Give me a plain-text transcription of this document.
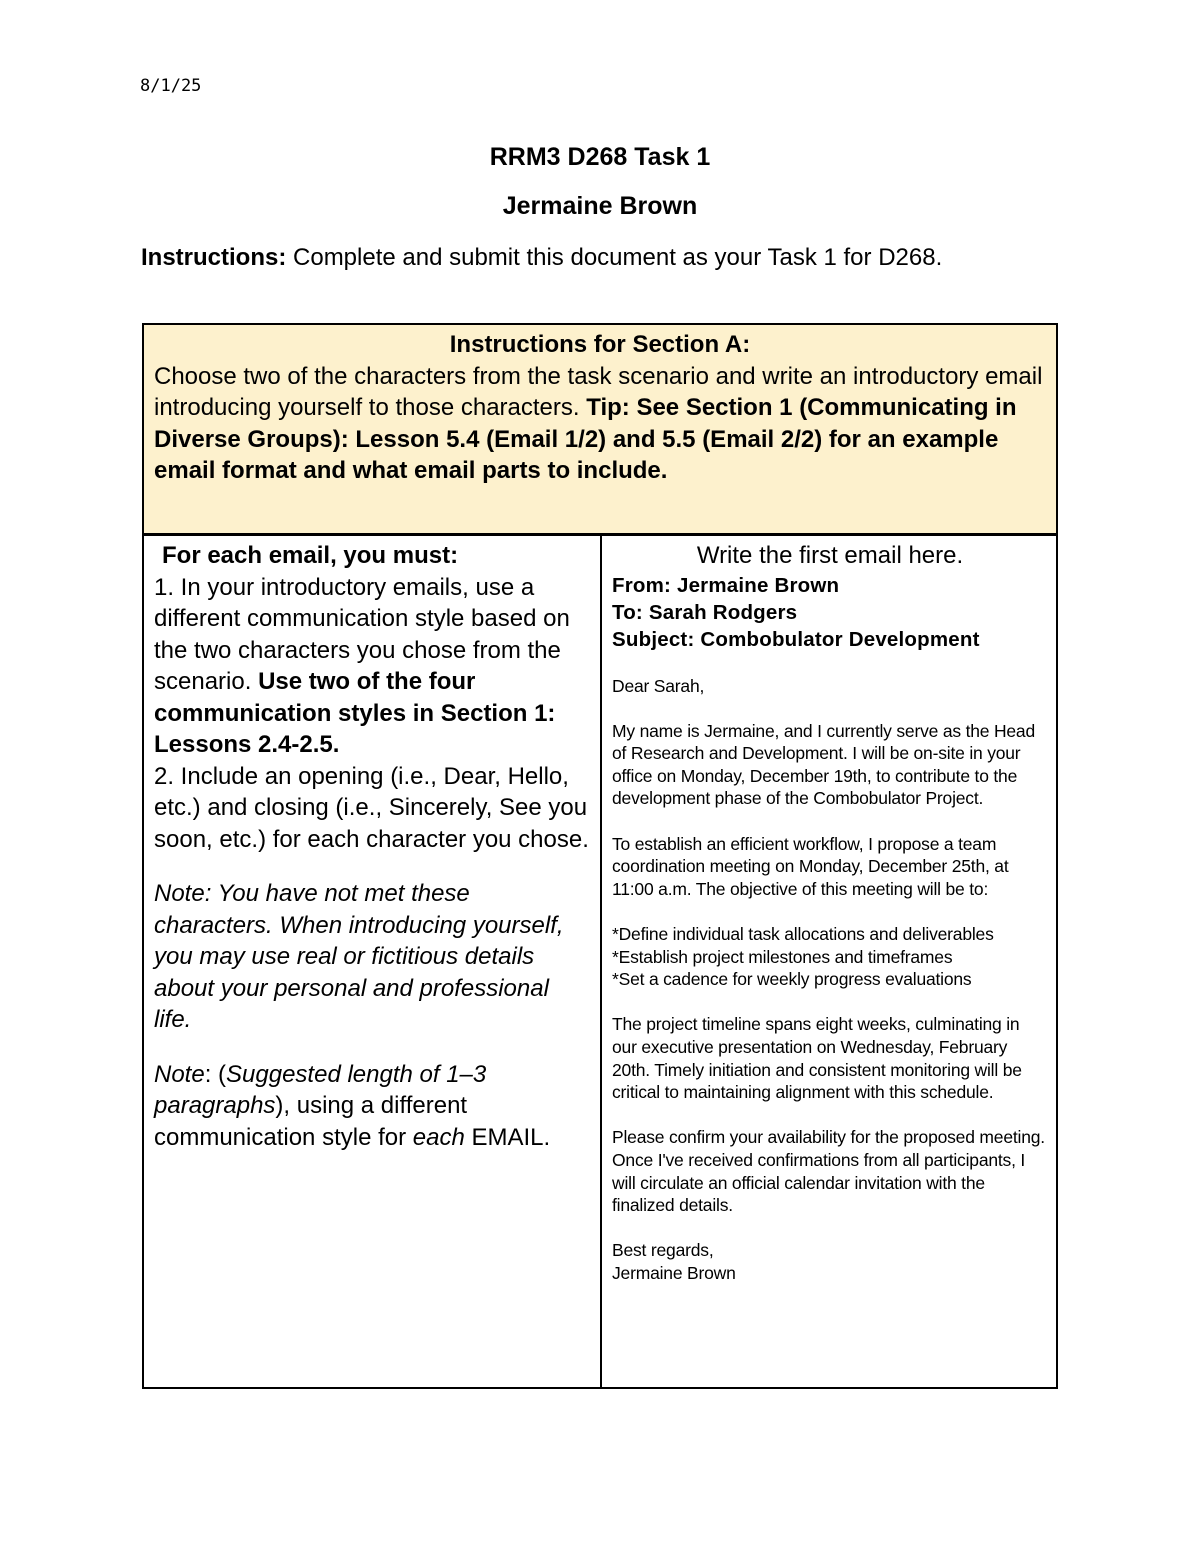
8/1/25
RRM3 D268 Task 1
Jermaine Brown
Instructions: Complete and submit this document as your Task 1 for D268.
Instructions for Section A:
Choose two of the characters from the task scenario and write an introductory email introducing yourself to those characters. Tip: See Section 1 (Communicating in Diverse Groups): Lesson 5.4 (Email 1/2) and 5.5 (Email 2/2) for an example email format and what email parts to include.
For each email, you must:

1. In your introductory emails, use a different communication style based on the two characters you chose from the scenario. Use two of the four communication styles in Section 1: Lessons 2.4-2.5.

2. Include an opening (i.e., Dear, Hello, etc.) and closing (i.e., Sincerely, See you soon, etc.) for each character you chose.

Note: You have not met these characters. When introducing yourself, you may use real or fictitious details about your personal and professional life.

Note: (Suggested length of 1–3 paragraphs), using a different communication style for each EMAIL.

Write the first email here.
From: Jermaine Brown
To: Sarah Rodgers
Subject: Combobulator Development

Dear Sarah,

My name is Jermaine, and I currently serve as the Head of Research and Development. I will be on-site in your office on Monday, December 19th, to contribute to the development phase of the Combobulator Project.

To establish an efficient workflow, I propose a team coordination meeting on Monday, December 25th, at 11:00 a.m. The objective of this meeting will be to:

*Define individual task allocations and deliverables

*Establish project milestones and timeframes

*Set a cadence for weekly progress evaluations

The project timeline spans eight weeks, culminating in our executive presentation on Wednesday, February 20th. Timely initiation and consistent monitoring will be critical to maintaining alignment with this schedule.

Please confirm your availability for the proposed meeting. Once I've received confirmations from all participants, I will circulate an official calendar invitation with the finalized details.

Best regards,

Jermaine Brown
